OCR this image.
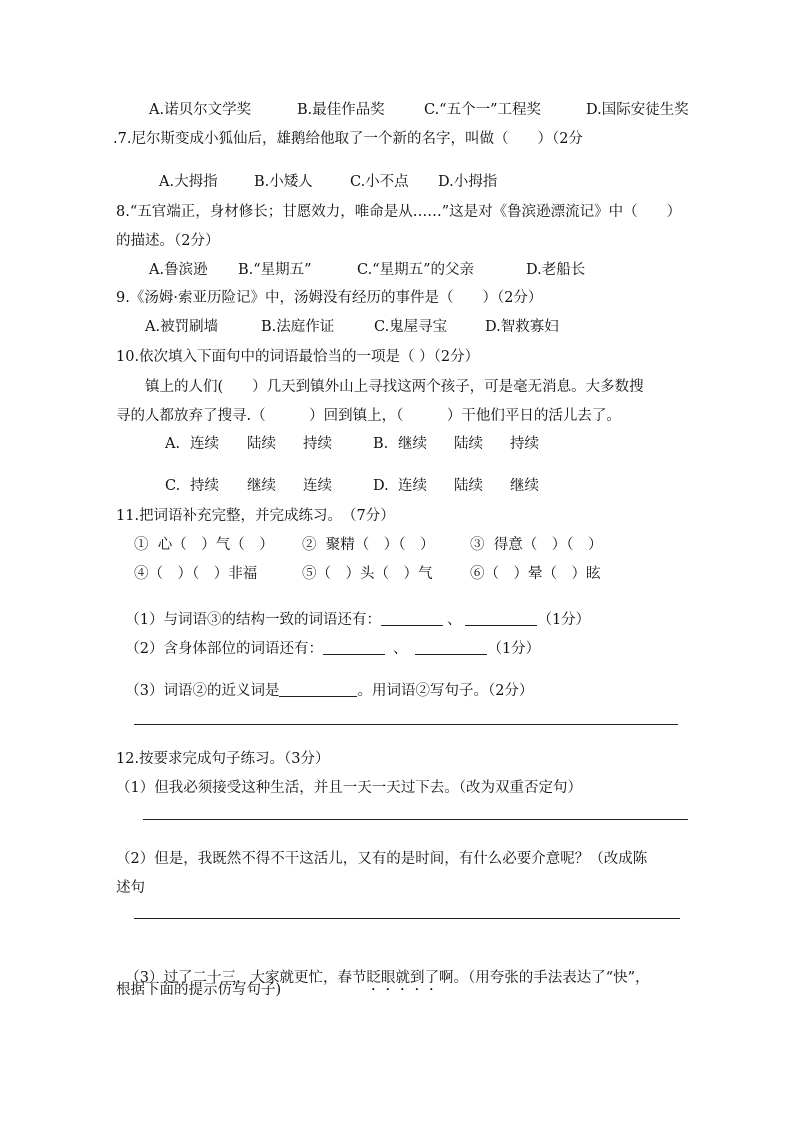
A.诺贝尔文学奖	B.最佳作品奖	C.“五个一”工程奖	D.国际安徒生奖
.7.尼尔斯变成小狐仙后，雄鹅给他取了一个新的名字，叫做（　　）（2分
A.大拇指	B.小矮人	C.小不点 D.小拇指
8.“五官端正，身材修长；甘愿效力，唯命是从……”这是对《鲁滨逊漂流记》中（　　）
的描述。（2分）
A.鲁滨逊 B.“星期五”	C.“星期五”的父亲	D.老船长
9.《汤姆·索亚历险记》中，汤姆没有经历的事件是（　　）（2分）
A.被罚刷墙	B.法庭作证	C.鬼屋寻宝	D.智救寡妇
10.依次填入下面句中的词语最恰当的一项是（ ）（2分）
镇上的人们(　　）几天到镇外山上寻找这两个孩子，可是毫无消息。大多数搜
寻的人都放弃了搜寻.（　　　）回到镇上，（　　　）干他们平日的活儿去了。
A. 连续 陆续 持续	B. 继续 陆续 持续
C. 持续 继续 连续	D. 连续 陆续 继续
11.把词语补充完整，并完成练习。　（7分）
①  心（　）气（　） ②  聚精（　）（　） ③  得意（　）（　）
④（　）（　）非福	⑤（　）头（　）气	⑥（　）晕（　）眩

（1）与词语③的结构一致的词语还有：	、	（1分）

（2）含身体部位的词语还有：	、	（1分）

（3）词语②的近义词是	。用词语②写句子。（2分）

12.按要求完成句子练习。（3分）
（1）但我必须接受这种生活，并且一天一天过下去。（改为双重否定句）
（2）但是，我既然不得不干这活儿，又有的是时间，有什么必要介意呢？（改成陈
述句

（3）过了二十三，大家就更忙，春节眨眼就到了啊。（用夸张的手法表达了“快”，

根据下面的提示仿写句子)
